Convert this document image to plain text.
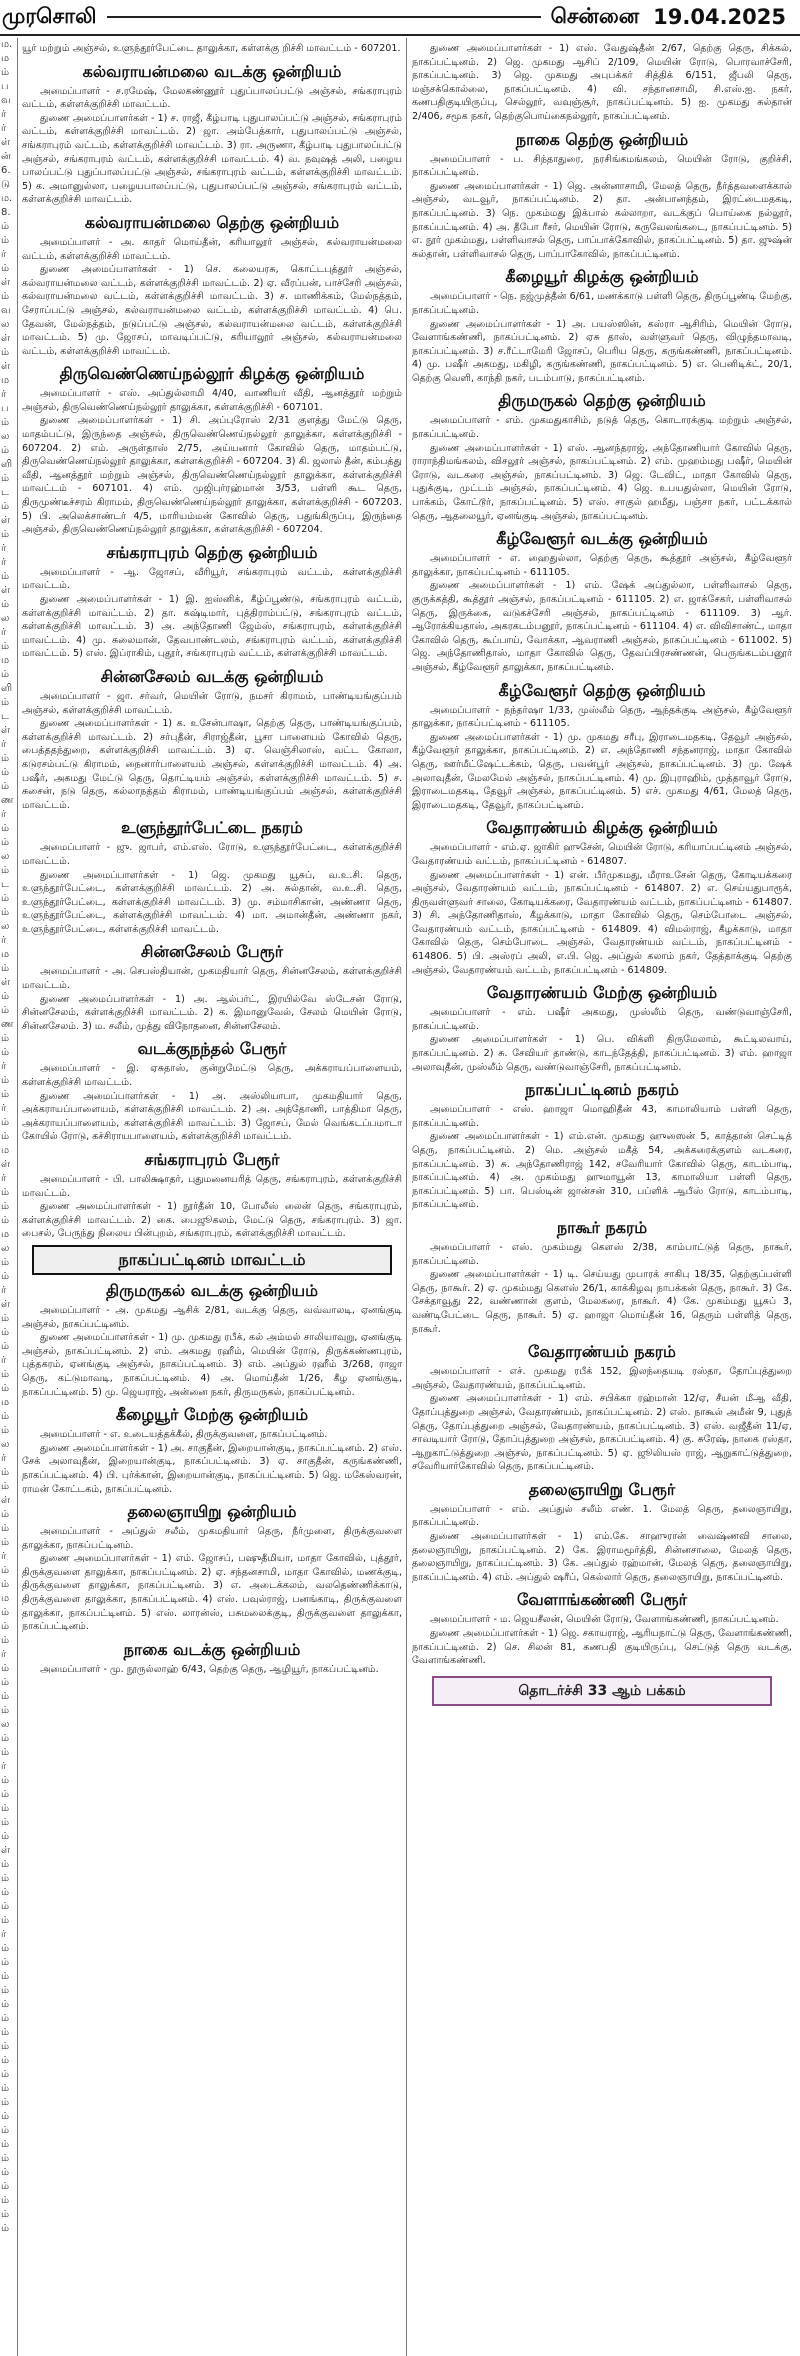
முரசொலி	சென்னை 19.04.2025
ம.
ம
ம்
ப
வ
ர்
ர்
ள்
ன்
6.
டு
ம.
8.
ம்
ம்
ர்
ம்
ள்
ம்
வ
ல
ள்
ம்
ள்
ம
ர்
ப
ம்
ல
ம்
ளி
ம்
ட
ம்
ள்
ம்
ர்
ர்
ம்
ள்
ம்
ல
ர்
ம்
ம
ம்
ளி
ம்
ட
ள்
ர்
ம்
ம்
ம்
ண
ர்
ம்
ம்
ல
ம்
ட
ம்
ம்
ல
ர்
ம
ம்
ள்
ம்
ம்
ண
ம்
ம்
ர்
ம்
ம்
ர்
ம்
ம்
ம
ள்
ர்
ம்
ம்
ம்
ம
ல
ம்
ம்
ர்
ள்
ம்
ம்
ம்
ர்
ம்
ம்
ம
ம்
ம்
ல
ர்
ம்
ம்
ள்
ம்
ம்
ம்
ர்
ம்
ம்
ம
ம்
ம்
ம்
ர்
ம்
ம்
ம்
ம்
ல
ம்
ம்
ர்
ம்
ம்
ம்
ம்
ம்
ள்
ம்
ம்
ம்
ம்
ம்
ர்
ம்
ம்
ம்
ம்
ம்
ம்
ம்
ம்
ம்
ம்
ம்
ம்
ம்
ம்
ம்
ம்
ம்
ம்
ம்
ம்
ம்

யூர் மற்றும் அஞ்சல், உளுந்தூர்பேட்டை தாலுக்கா, கள்ளக்கு றிச்சி மாவட்டம் - 607201.

கல்வராயன்மலை வடக்கு ஒன்றியம்

அமைப்பாளர் - ச.ரமேஷ், மேலகண்ணூர் புதுப்பாலப்பட்டு அஞ்சல், சங்கராபுரம் வட்டம், கள்ளக்குறிச்சி மாவட்டம்.

துணை அமைப்பாளர்கள் - 1) ச. ராஜீ, கீழ்பாடி புதுபாலப்பட்டு அஞ்சல், சங்கராபுரம் வட்டம், கள்ளக்குறிச்சி மாவட்டம். 2) ஜா. அம்பேத்கார், புதுபாலப்பட்டு அஞ்சல், சங்கராபுரம் வட்டம், கள்ளக்குறிச்சி மாவட்டம். 3) ரா. அருணா, கீழ்பாடி புதுபாலப்பட்டு அஞ்சல், சங்கராபுரம் வட்டம், கள்ளக்குறிச்சி மாவட்டம். 4) வ. நவுஷத் அலி, பழைய பாலப்பட்டு புதுப்பாலப்பட்டு அஞ்சல், சங்கராபுரம் வட்டம், கள்ளக்குறிச்சி மாவட்டம். 5) க. அமானுல்லா, பழையபாலப்பட்டு, புதுபாலப்பட்டு அஞ்சல், சங்கராபுரம் வட்டம், கள்ளக்குறிச்சி மாவட்டம்.

கல்வராயன்மலை தெற்கு ஒன்றியம்

அமைப்பாளர் - அ. காதர் மொய்தீன், கரியாலூர் அஞ்சல், கல்வராயன்மலை வட்டம், கள்ளக்குறிச்சி மாவட்டம்.

துணை அமைப்பாளர்கள் - 1) செ. கலையரசு, கொட்டபுத்தூர் அஞ்சல், கல்வராயன்மலை வட்டம், கள்ளக்குறிச்சி மாவட்டம். 2) ஏ. வீரப்பன், பாச்சேரி அஞ்சல், கல்வராயன்மலை வட்டம், கள்ளக்குறிச்சி மாவட்டம். 3) ச. மாணிக்கம், மேல்நத்தம், சேராப்பட்டு அஞ்சல், கல்வராயன்மலை வட்டம், கள்ளக்குறிச்சி மாவட்டம். 4) பெ. தேவன், மேல்நத்தம், நடுப்பட்டு அஞ்சல், கல்வராயன்மலை வட்டம், கள்ளக்குறிச்சி மாவட்டம். 5) மு. ஜோசப், மாவடிப்பட்டு, கரியாலூர் அஞ்சல், கல்வராயன்மலை வட்டம், கள்ளக்குறிச்சி மாவட்டம்.

திருவெண்ணெய்நல்லூர் கிழக்கு ஒன்றியம்

அமைப்பாளர் - எஸ். அப்துல்லாமி 4/40, வாணியர் வீதி, ஆனத்தூர் மற்றும் அஞ்சல், திருவெண்ணெய்நல்லூர் தாலுக்கா, கள்ளக்குறிச்சி - 607101.

துணை அமைப்பாளர்கள் - 1) சி. அப்புரோஸ் 2/31 குளத்து மேட்டு தெரு, மாதம்பட்டு, இருந்தை அஞ்சல், திருவெண்ணெய்நல்லூர் தாலுக்கா, கள்ளக்குறிச்சி - 607204. 2) எம். அருள்தாஸ் 2/75, அய்யனார் கோவில் தெரு, மாதம்பட்டு, திருவெண்ணெய்நல்லூர் தாலுக்கா, கள்ளக்குறிச்சி - 607204. 3) கி. ஜலால் தீன், கம்பத்து வீதி, ஆனத்தூர் மற்றும் அஞ்சல், திருவெண்ணெய்நல்லூர் தாலுக்கா, கள்ளக்குறிச்சி மாவட்டம் - 607101. 4) எம். முஜிபுர்ரஹ்மான் 3/53, பள்ளி கூட தெரு, திருமுண்டீச்சரம் கிராமம், திருவெண்ணெய்நல்லூர் தாலுக்கா, கள்ளக்குறிச்சி - 607203. 5) பி. அலெக்சாண்டர் 4/5, மாரியம்மன் கோவில் தெரு, பதுங்கிருப்பு, இருந்தை அஞ்சல், திருவெண்ணெய்நல்லூர் தாலுக்கா, கள்ளக்குறிச்சி - 607204.

சங்கராபுரம் தெற்கு ஒன்றியம்

அமைப்பாளர் - ஆ. ஜோசப், வீரியூர், சங்கராபுரம் வட்டம், கள்ளக்குறிச்சி மாவட்டம்.

துணை அமைப்பாளர்கள் - 1) இ. ஐஸ்னிக், கீழ்ப்பூண்டு, சங்கராபுரம் வட்டம், கள்ளக்குறிச்சி மாவட்டம். 2) தா. கஷ்டிமார், புத்திராம்பட்டு, சங்கராபுரம் வட்டம், கள்ளக்குறிச்சி மாவட்டம். 3) அ. அந்தோணி ஜேம்ஸ், சங்கராபுரம், கள்ளக்குறிச்சி மாவட்டம். 4) மு. சுலைமான், தேவபாண்டலம், சங்கராபுரம் வட்டம், கள்ளக்குறிச்சி மாவட்டம். 5) எஸ். இப்ராகிம், புதூர், சங்கராபுரம் வட்டம், கள்ளக்குறிச்சி மாவட்டம்.

சின்னசேலம் வடக்கு ஒன்றியம்

அமைப்பாளர் - ஜா. சர்வர், மெயின் ரோடு, நமசர் கிராமம், பாண்டியங்குப்பம் அஞ்சல், கள்ளக்குறிச்சி மாவட்டம்.

துணை அமைப்பாளர்கள் - 1) க. உசேன்பாஷா, தெற்கு தெரு, பாண்டியங்குப்பம், கள்ளக்குறிச்சி மாவட்டம். 2) சர்புதீன், சிராஜ்தீன், பூசா பாளையம் கோவில் தெரு, பைத்ததந்துறை, கள்ளக்குறிச்சி மாவட்டம். 3) ஏ. வெஞ்சிலாஸ், வட்ட கோலா, கடுரசம்பட்டு கிராமம், நைனார்பாளையம் அஞ்சல், கள்ளக்குறிச்சி மாவட்டம். 4) அ. பஷீர், அகமது மேட்டு தெரு, தொட்டியம் அஞ்சல், கள்ளக்குறிச்சி மாவட்டம். 5) ச. சுசைன், நடு தெரு, கல்லாநத்தம் கிராமம், பாண்டியங்குப்பம் அஞ்சல், கள்ளக்குறிச்சி மாவட்டம்.

உளுந்தூர்பேட்டை நகரம்

அமைப்பாளர் - ஜு. ஜாபர், எம்.எஸ். ரோடு, உளுந்தூர்பேட்டை, கள்ளக்குறிச்சி மாவட்டம்.

துணை அமைப்பாளர்கள் - 1) ஜெ. முகமது யூசுப், வ.உ.சி. தெரு, உளுந்தூர்பேட்டை, கள்ளக்குறிச்சி மாவட்டம். 2) அ. சுல்தான், வ.உ.சி. தெரு, உளுந்தூர்பேட்டை, கள்ளக்குறிச்சி மாவட்டம். 3) மு. சம்மாசிகான், அண்ணா தெரு, உளுந்தூர்பேட்டை, கள்ளக்குறிச்சி மாவட்டம். 4) மா. அமான்தீன், அண்ணா நகர், உளுந்தூர்பேட்டை, கள்ளக்குறிச்சி மாவட்டம்.

சின்னசேலம் பேரூர்

அமைப்பாளர் - அ. செபஸ்தியான், முகமதியார் தெரு, சின்னசேலம், கள்ளக்குறிச்சி மாவட்டம்.

துணை அமைப்பாளர்கள் - 1) அ. ஆல்பர்ட், இரயில்வே ஸ்டேசன் ரோடு, சின்னசேலம், கள்ளக்குறிச்சி மாவட்டம். 2) க. இமானுவேல், சேலம் மெயின் ரோடு, சின்னசேலம். 3) ம. சலீம், முத்து விநோதனை, சின்னசேலம்.

வடக்குநந்தல் பேரூர்

அமைப்பாளர் - இ. ஏசுதாஸ், குன்றுமேட்டு தெரு, அக்கராயப்பாளையம், கள்ளக்குறிச்சி மாவட்டம்.

துணை அமைப்பாளர்கள் - 1) அ. அஸ்லியாபா, முகமதியார் தெரு, அக்கராயப்பாளையம், கள்ளக்குறிச்சி மாவட்டம். 2) அ. அந்தோணி, பாத்திமா தெரு, அக்கராயப்பாளையம், கள்ளக்குறிச்சி மாவட்டம். 3) ஜோசப், மேல் வெங்கடப்பமாடா கோயில் ரோடு, கச்சிராயபாளையம், கள்ளக்குறிச்சி மாவட்டம்.

சங்கராபுரம் பேரூர்

அமைப்பாளர் - பி. பாலிக்ஷாதர், புதுமனையரித் தெரு, சங்கராபுரம், கள்ளக்குறிச்சி மாவட்டம்.

துணை அமைப்பாளர்கள் - 1) நூர்தீன் 10, போலீஸ் லைன் தெரு, சங்கராபுரம், கள்ளக்குறிச்சி மாவட்டம். 2) கை. பைஜூகலம், மேட்டு தெரு, சங்கராபுரம். 3) ஜா. பைசல், பேருந்து நிலைய பின்புறம், சங்கராபுரம், கள்ளக்குறிச்சி மாவட்டம்.

நாகப்பட்டினம் மாவட்டம்
திருமருகல் வடக்கு ஒன்றியம்

அமைப்பாளர் - அ. முகமது ஆசிக் 2/81, வடக்கு தெரு, வவ்வாலடி, ஏனங்குடி அஞ்சல், நாகப்பட்டினம்.

துணை அமைப்பாளர்கள் - 1) மு. முகமது ரபீக், கல் அம்மல் சாலியாவுறு, ஏனங்குடி அஞ்சல், நாகப்பட்டினம். 2) எம். அகமது ரஹீம், மெயின் ரோடு, திருக்கண்ணபுரம், புத்தகரம், ஏனங்குடி அஞ்சல், நாகப்பட்டினம். 3) எம். அப்துல் ரஹீம் 3/268, ராஜா தெரு, கட்டுமாவடி, நாகப்பட்டினம். 4) அ. மொய்தீன் 1/26, கீழ ஏனங்குடி, நாகப்பட்டினம். 5) மு. ஜெயராஜ், அன்னை நகர், திருமருகல், நாகப்பட்டினம்.

கீழையூர் மேற்கு ஒன்றியம்

அமைப்பாளர் - எ. உடையத்தக்கீல், திருக்குவளை, நாகப்பட்டினம்.

துணை அமைப்பாளர்கள் - 1) அ. சாகுதீன், இறையான்குடி, நாகப்பட்டினம். 2) எஸ். சேக் அலாவுதீன், இறையான்குடி, நாகப்பட்டினம். 3) ஏ. சாகுதீன், கருங்கண்ணி, நாகப்பட்டினம். 4) பி. புர்க்கான், இறையான்குடி, நாகப்பட்டினம். 5) ஜெ. மகேஸ்வரன், ராமன் கோட்டகம், நாகப்பட்டினம்.

தலைஞாயிறு ஒன்றியம்

அமைப்பாளர் - அப்துல் சலீம், முகமதியார் தெரு, நீர்முளை, திருக்குவளை தாலுக்கா, நாகப்பட்டினம்.

துணை அமைப்பாளர்கள் - 1) எம். ஜோசப், பஷுதீமியா, மாதா கோவில், புத்தூர், திருக்குவளை தாலுக்கா, நாகப்பட்டினம். 2) ஏ. சந்தனசாமி, மாதா கோவில், மணக்குடி, திருக்குவளை தாலுக்கா, நாகப்பட்டினம். 3) எ. அடைக்கலம், வலதெண்ணிக்காடு, திருக்குவளை தாலுக்கா, நாகப்பட்டினம். 4) எஸ். பவுல்ராஜ், பனங்காடி, திருக்குவளை தாலுக்கா, நாகப்பட்டினம். 5) எஸ். லாரன்ஸ், பசுமலைக்குடி, திருக்குவளை தாலுக்கா, நாகப்பட்டினம்.

நாகை வடக்கு ஒன்றியம்

அமைப்பாளர் - மு. நூருல்லாஹ் 6/43, தெற்கு தெரு, ஆழியூர், நாகப்பட்டினம்.

துணை அமைப்பாளர்கள் - 1) எஸ். வேதுஷ்தீன் 2/67, தெற்கு தெரு, சிக்கல், நாகப்பட்டினம். 2) ஜெ. முகமது ஆசிப் 2/109, மெயின் ரோடு, பொரவாச்சேரி, நாகப்பட்டினம். 3) ஜெ. முகமது அபுபக்கர் சித்திக் 6/151, ஜீபலி தெரு, மஞ்சக்கொல்லை, நாகப்பட்டினம். 4) வி. சந்தானசாமி, சி.எஸ்.ஐ. நகர், கணபதிகுடியிருப்பு, செல்லூர், வவுஞ்சூர், நாகப்பட்டினம். 5) ஐ. முகமது சுல்தான் 2/406, சமூக நகர், தெற்குபொய்கைநல்லூர், நாகப்பட்டினம்.

நாகை தெற்கு ஒன்றியம்

அமைப்பாளர் - ப. சிந்தாதுரை, நரசிங்கமங்கலம், மெயின் ரோடு, குறிச்சி, நாகப்பட்டினம்.

துணை அமைப்பாளர்கள் - 1) ஜெ. அன்னாசாமி, மேலத் தெரு, நீர்த்தவளைக்கால் அஞ்சல், வடவூர், நாகப்பட்டினம். 2) தா. அன்பானந்தம், இரட்டைமதகடி, நாகப்பட்டினம். 3) நெ. முகம்மது இக்பால் கல்லாறா, வடக்குப் பொய்கை நல்லூர், நாகப்பட்டினம். 4) அ. தீபோ ரீசர், மெயின் ரோடு, கருவேலங்கடை, நாகப்பட்டினம். 5) எ. நூர் முகம்மது, பள்ளிவாசல் தெரு, பாப்பாக்கோவில், நாகப்பட்டினம். 5) தா. ஜுஷ்ன் சுல்தான், பள்ளிவாசல் தெரு, பாப்பாகோவில், நாகப்பட்டினம்.

கீழையூர் கிழக்கு ஒன்றியம்

அமைப்பாளர் - நெ. நஜ்முத்தீன் 6/61, மணக்காடு பள்ளி தெரு, திருப்பூண்டி மேற்கு, நாகப்பட்டினம்.

துணை அமைப்பாளர்கள் - 1) அ. பயஸ்ஸின், கஸ்ரா ஆசிரிம், மெயின் ரோடு, வேளாங்கண்ணி, நாகப்பட்டினம். 2) ஏசு தாஸ், வள்ளுவர் தெரு, விழுந்தமாவடி, நாகப்பட்டினம். 3) ச.ரீட்டாமேரி ஜோசப், பெரிய தெரு, கருங்கண்ணி, நாகப்பட்டினம். 4) மு. பஷீர் அகமது, மகிழி, கருங்கண்ணி, நாகப்பட்டினம். 5) எ. பெனிடிக்ட், 20/1, தெற்கு வெளி, காந்தி நகர், படம்பாடு, நாகப்பட்டினம்.

திருமருகல் தெற்கு ஒன்றியம்

அமைப்பாளர் - எம். முகமதுகாசிம், நடுத் தெரு, கொடாரக்குடி மற்றும் அஞ்சல், நாகப்பட்டினம்.

துணை அமைப்பாளர்கள் - 1) எஸ். ஆனந்தராஜ், அந்தோணியார் கோவில் தெரு, ராராந்திமங்கலம், விசலூர் அஞ்சல், நாகப்பட்டினம். 2) எம். முஹம்மது பஷீர், மெயின் ரோடு, வடகரை அஞ்சல், நாகப்பட்டினம். 3) ஜெ. டேவிட், மாதா கோவில் தெரு, புதுக்குடி, முட்டம் அஞ்சல், நாகப்பட்டினம். 4) ஜெ. உபயதுல்லா, மெயின் ரோடு, பாக்கம், கோட்டூர், நாகப்பட்டினம். 5) எஸ். சாகுல் ஹமீது, பஞ்சா நகர், பட்டக்கால் தெரு, ஆதலையூர், ஏனங்குடி அஞ்சல், நாகப்பட்டினம்.

கீழ்வேளூர் வடக்கு ஒன்றியம்

அமைப்பாளர் - எ. ஹைதுல்லா, தெற்கு தெரு, கூத்தூர் அஞ்சல், கீழ்வேளூர் தாலுக்கா, நாகப்பட்டினம் - 611105.

துணை அமைப்பாளர்கள் - 1) எம். ஷேக் அப்துல்லா, பள்ளிவாசல் தெரு, குருக்கத்தி, கூத்தூர் அஞ்சல், நாகப்பட்டினம் - 611105. 2) எ. ஜாக்சேகர், பள்ளிவாசல் தெரு, இருக்கை, வடுகச்சேரி அஞ்சல், நாகப்பட்டினம் - 611109. 3) ஆர். ஆரோக்கியதாஸ், அகரகடம்பனூர், நாகப்பட்டினம் - 611104. 4) எ. விவிசாண்ட், மாதா கோவில் தெரு, கூப்பாய், வோக்கா, ஆவராணி அஞ்சல், நாகப்பட்டினம் - 611002. 5) ஜெ. அந்தோணிதாஸ், மாதா கோவில் தெரு, தேவப்பிரசண்ணன், பெருங்கடம்பனூர் அஞ்சல், கீழ்வேளூர் தாலுக்கா, நாகப்பட்டினம்.

கீழ்வேளூர் தெற்கு ஒன்றியம்

அமைப்பாளர் - நந்தர்ஷா 1/33, முஸ்லீம் தெரு, ஆந்தக்குடி அஞ்சல், கீழ்வேளூர் தாலுக்கா, நாகப்பட்டினம் - 611105.

துணை அமைப்பாளர்கள் - 1) மு. முகமது சரீபு, இராடைமதகடி, தேவூர் அஞ்சல், கீழ்வேளூர் தாலுக்கா, நாகப்பட்டினம். 2) எ. அந்தோணி சந்தனராஜ், மாதா கோவில் தெரு, ஊர்மீட்ஷேட்டக்கம், தெரு, பவன்பூர் அஞ்சல், நாகப்பட்டினம். 3) மு. ஷேக் அலாவுதீன், மேலமேல் அஞ்சல், நாகப்பட்டினம். 4) மு. இபுராஹிம், முத்தாவூர் ரோடு, இராடைமதகடி, தேவூர் அஞ்சல், நாகப்பட்டினம். 5) எச். முகமது 4/61, மேலத் தெரு, இராடைமதகடி, தேவூர், நாகப்பட்டினம்.

வேதாரண்யம் கிழக்கு ஒன்றியம்

அமைப்பாளர் - எம்.ஏ. ஜாகிர் ஹுசேன், மெயின் ரோடு, கரியாப்பட்டினம் அஞ்சல், வேதாரண்யம் வட்டம், நாகப்பட்டினம் - 614807.

துணை அமைப்பாளர்கள் - 1) என். பீர்முகமது, மீராஉசேன் தெரு, கோடியக்கரை அஞ்சல், வேதாரண்யம் வட்டம், நாகப்பட்டினம் - 614807. 2) எ. செய்யதுபாரூக், திருவள்ளுவர் சாலை, கோடியக்கரை, வேதாரண்யம் வட்டம், நாகப்பட்டினம் - 614807. 3) சி. அந்தோணிதாஸ், கீழக்காடு, மாதா கோவில் தெரு, செம்போடை அஞ்சல், வேதாரண்யம் வட்டம், நாகப்பட்டினம் - 614809. 4) விமல்ராஜ், கீழக்காடு, மாதா கோவில் தெரு, செம்போடை அஞ்சல், வேதாரண்யம் வட்டம், நாகப்பட்டினம் - 614806. 5) பி. அஸ்ரப் அலி, எ.பி. ஜெ. அப்துல் கலாம் நகர், தேத்தாக்குடி தெற்கு அஞ்சல், வேதாரண்யம் வட்டம், நாகப்பட்டினம் - 614809.

வேதாரண்யம் மேற்கு ஒன்றியம்

அமைப்பாளர் - எம். பஷீர் அகமது, முஸ்லீம் தெரு, வண்டுவாஞ்சேரி, நாகப்பட்டினம்.

துணை அமைப்பாளர்கள் - 1) பெ. விக்ளி திருமேலாம், கூட்டிலவாய், நாகப்பட்டினம். 2) சு. சேவியர் தாண்டு, காடந்தேத்தி, நாகப்பட்டினம். 3) எம். ஹாஜா அலாவுதீன், முஸ்லீம் தெரு, வண்டுவாஞ்சேரி, நாகப்பட்டினம்.

நாகப்பட்டினம் நகரம்

அமைப்பாளர் - எஸ். ஹாஜா மொஹிதீன் 43, காமாலியாம் பள்ளி தெரு, நாகப்பட்டினம்.

துணை அமைப்பாளர்கள் - 1) எம்.என். முகமது ஹுஸைன் 5, காத்தான் செட்டித் தெரு, நாகப்பட்டினம். 2) மெ. அஞ்சல் மகீத் 54, அக்கரைக்குளம் வடகரை, நாகப்பட்டினம். 3) சு. அந்தோணிராஜ் 142, சவேரியார் கோவில் தெரு, காடம்பாடி, நாகப்பட்டினம். 4) அ. முகம்மது ஹுமாயூன் 13, காமாலியா பள்ளி தெரு, நாகப்பட்டினம். 5) பா. பெஸ்டின் ஜான்சன் 310, பப்ளிக் ஆபீஸ் ரோடு, காடம்பாடி, நாகப்பட்டினம்.

நாகூர் நகரம்

அமைப்பாளர் - எஸ். முகம்மது கௌஸ் 2/38, காம்பாட்டுத் தெரு, நாகூர், நாகப்பட்டினம்.

துணை அமைப்பாளர்கள் - 1) டி. செய்யது முபாரக் சாகிபு 18/35, தெற்குப்பள்ளி தெரு, நாகூர். 2) ஏ. முகம்மது கௌஸ் 26/1, காக்கிழவு நாபக்கன் தெரு, நாகூர். 3) கே. சேக்தாவூது 22, வண்ணான் குளம், மேலகரை, நாகூர். 4) கே. முகம்மது யூசுப் 3, வண்டிபேட்டை தெரு, நாகூர். 5) ஏ. ஹாஜா மொய்தீன் 16, தெரும் பள்ளித் தெரு, நாகூர்.

வேதாரண்யம் நகரம்

அமைப்பாளர் - எச். முகமது ரபீக் 152, இலந்தையடி ரஸ்தா, தோப்புத்துறை அஞ்சல், வேதாரண்யம், நாகப்பட்டினம்.

துணை அமைப்பாளர்கள் - 1) எம். சபிக்கா ரஹ்மான் 12/ஏ, சீயன் மீஆ வீதி, தோப்புத்துறை அஞ்சல், வேதாரண்யம், நாகப்பட்டினம். 2) எஸ். நாகூல் அமீன் 9, புதுத் தெரு, தோப்புத்துறை அஞ்சல், வேதாரண்யம், நாகப்பட்டினம். 3) எஸ். வஜீதீன் 11/ஏ, சாவடியார் ரோடு, தோப்புத்துறை அஞ்சல், நாகப்பட்டினம். 4) கு. சுரேஷ், நாகை ரஸ்தா, ஆறுகாட்டுத்துறை அஞ்சல், நாகப்பட்டினம். 5) ஏ. ஜூலியஸ் ராஜ், ஆறுகாட்டுத்துறை, சவேரியார்கோவில் தெரு, நாகப்பட்டினம்.

தலைஞாயிறு பேரூர்

அமைப்பாளர் - எம். அப்துல் சலீம் எண். 1. மேலத் தெரு, தலைஞாயிறு, நாகப்பட்டினம்.

துணை அமைப்பாளர்கள் - 1) எம்.கே. சாஹுரான் வைஷ்ணவி சாலை, தலைஞாயிறு, நாகப்பட்டினம். 2) கே. இராமமூர்த்தி, சின்னசாலை, மேலத் தெரு, தலைஞாயிறு, நாகப்பட்டினம். 3) கே. அப்துல் ரஹ்மான், மேலத் தெரு, தலைஞாயிறு, நாகப்பட்டினம். 4) எம். அப்துல் ஷரீப், கெல்லார் தெரு, தலைஞாயிறு, நாகப்பட்டினம்.

வேளாங்கண்ணி பேரூர்

அமைப்பாளர் - ம. ஜெயசீலன், மெயின் ரோடு, வேளாங்கண்ணி, நாகப்பட்டினம்.

துணை அமைப்பாளர்கள் - 1) ஜெ. சகாயராஜ், ஆரியநாட்டு தெரு, வேளாங்கண்ணி, நாகப்பட்டினம். 2) செ. சிலன் 81, கணபதி குடியிருப்பு, செட்டுத் தெரு வடக்கு, வேளாங்கண்ணி.

தொடர்ச்சி 33 ஆம் பக்கம்
